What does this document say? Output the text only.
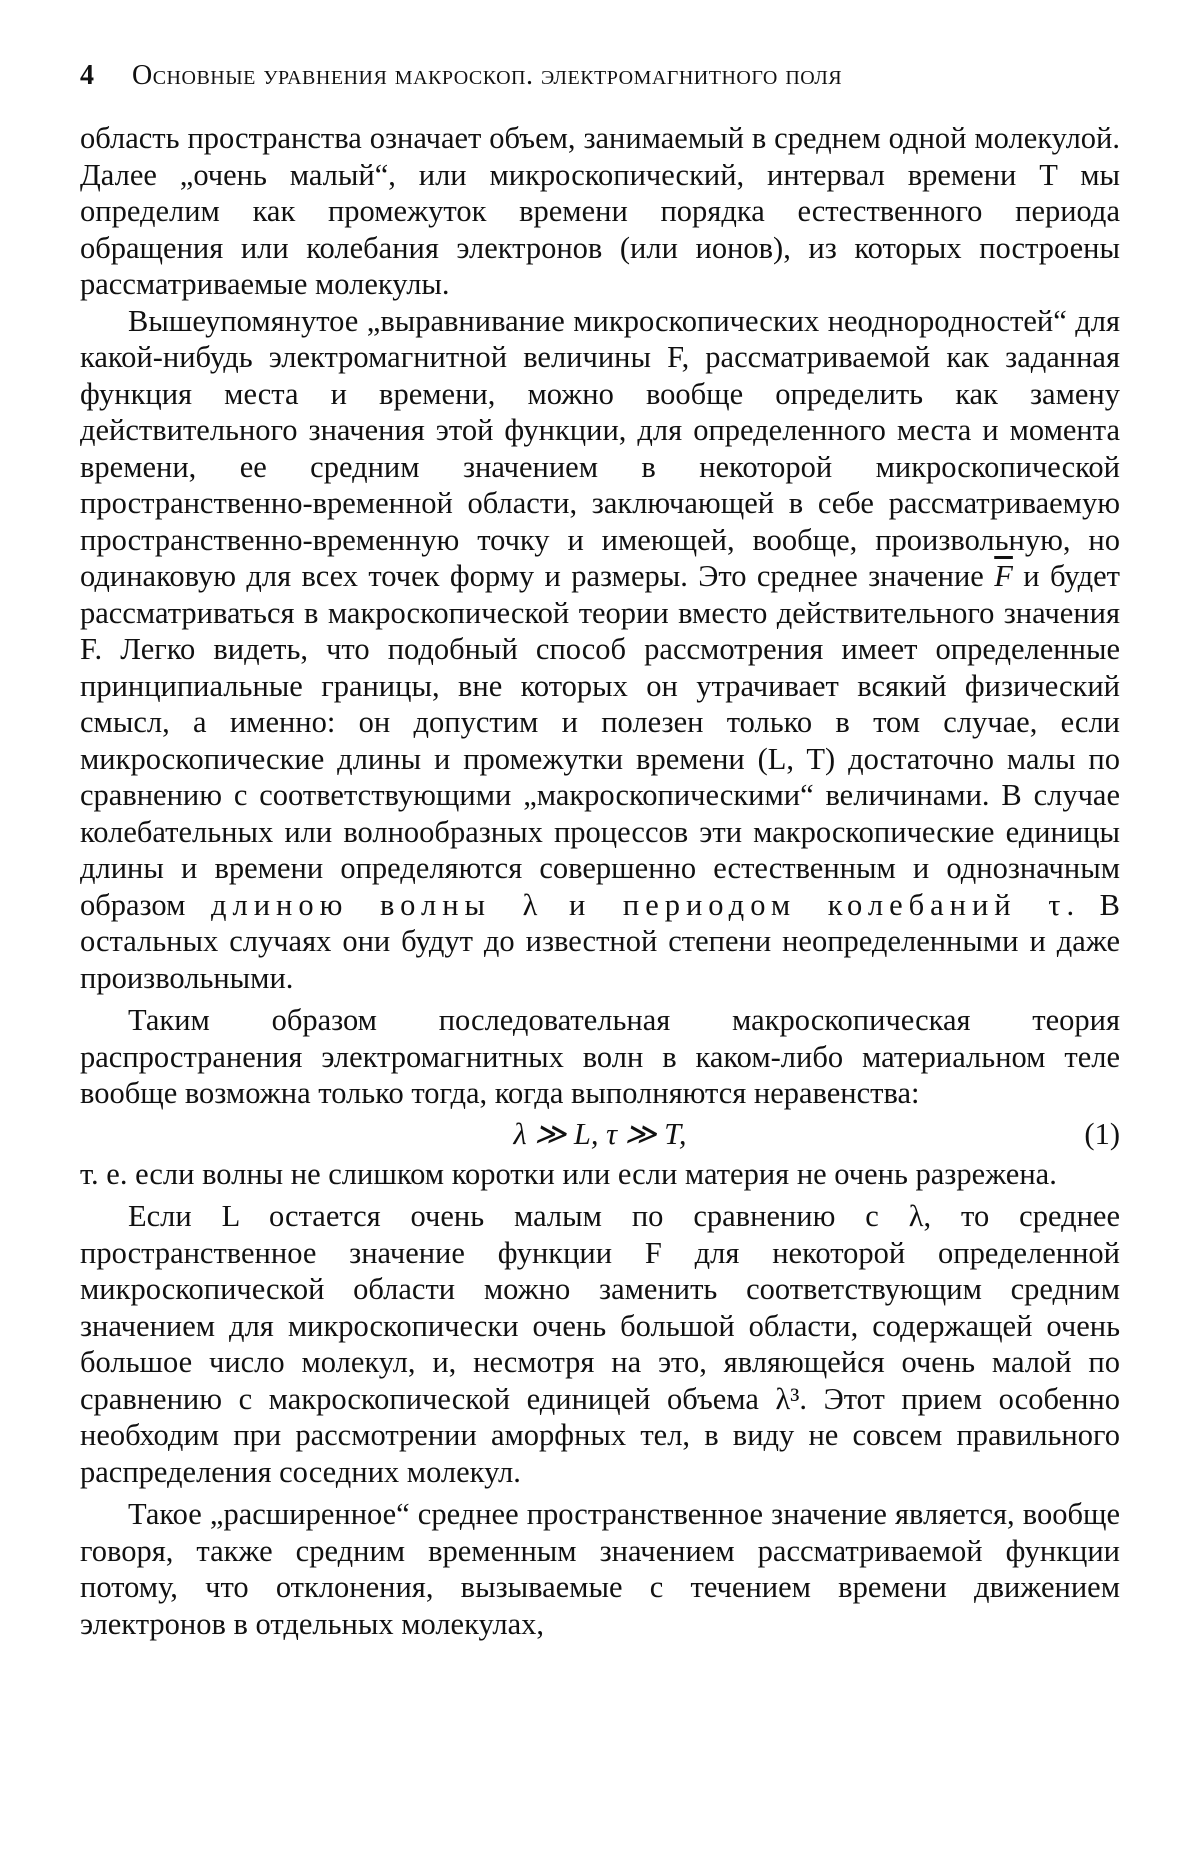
4	Основные уравнения макроскоп. электромагнитного поля

область пространства означает объем, занимаемый в среднем одной молекулой. Далее „очень малый“, или микроскопический, интервал времени T мы определим как промежуток времени порядка естественного периода обращения или колебания электронов (или ионов), из которых построены рассматриваемые молекулы.

Вышеупомянутое „выравнивание микроскопических неоднородностей“ для какой-нибудь электромагнитной величины F, рассматриваемой как заданная функция места и времени, можно вообще определить как замену действительного значения этой функции, для определенного места и момента времени, ее средним значением в некоторой микроскопической пространственно-временной области, заключающей в себе рассматриваемую пространственно-временную точку и имеющей, вообще, произвольную, но одинаковую для всех точек форму и размеры. Это среднее значение $\overline{F}$ и будет рассматриваться в макроскопической теории вместо действительного значения F. Легко видеть, что подобный способ рассмотрения имеет определенные принципиальные границы, вне которых он утрачивает всякий физический смысл, а именно: он допустим и полезен только в том случае, если микроскопические длины и промежутки времени (L, T) достаточно малы по сравнению с соответствующими „макроскопическими“ величинами. В случае колебательных или волнообразных процессов эти макроскопические единицы длины и времени определяются совершенно естественным и однозначным образом длиною волны λ и периодом колебаний τ. В остальных случаях они будут до известной степени неопределенными и даже произвольными.

Таким образом последовательная макроскопическая теория распространения электромагнитных волн в каком-либо материальном теле вообще возможна только тогда, когда выполняются неравенства:

λ ≫ L, τ ≫ T,	(1)

т. е. если волны не слишком коротки или если материя не очень разрежена.

Если L остается очень малым по сравнению с λ, то среднее пространственное значение функции F для некоторой определенной микроскопической области можно заменить соответствующим средним значением для микроскопически очень большой области, содержащей очень большое число молекул, и, несмотря на это, являющейся очень малой по сравнению с макроскопической единицей объема λ³. Этот прием особенно необходим при рассмотрении аморфных тел, в виду не совсем правильного распределения соседних молекул.

Такое „расширенное“ среднее пространственное значение является, вообще говоря, также средним временным значением рассматриваемой функции потому, что отклонения, вызываемые с течением времени движением электронов в отдельных молекулах,
